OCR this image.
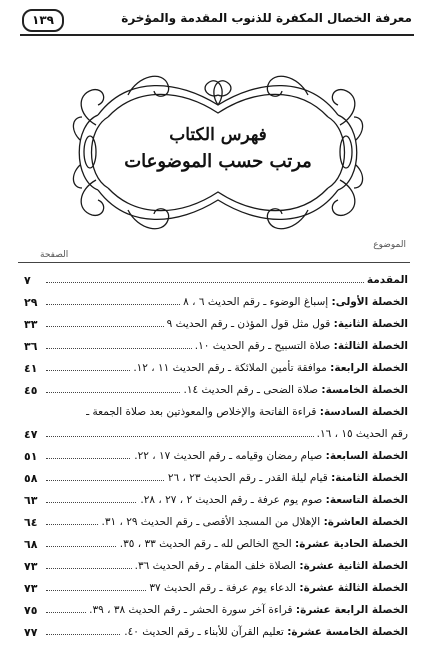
معرفة الخصال المكفرة للذنوب المقدمة والمؤخرة
١٣٩
فهرس الكتاب
مرتب حسب الموضوعات
الموضوع
الصفحة
المقدمة
٧
الخصلة الأولى: إسباغ الوضوء ـ رقم الحديث ٦ ، ٨
٢٩
الخصلة الثانية: قول مثل قول المؤذن ـ رقم الحديث ٩
٣٣
الخصلة الثالثة: صلاة التسبيح ـ رقم الحديث ١٠.
٣٦
الخصلة الرابعة: موافقة تأمين الملائكة ـ رقم الحديث ١١ ، ١٢.
٤١
الخصلة الخامسة: صلاة الضحى ـ رقم الحديث ١٤.
٤٥
الخصلة السادسة: قراءة الفاتحة والإخلاص والمعوذتين بعد صلاة الجمعة ـ
رقم الحديث ١٥ ، ١٦.
٤٧
الخصلة السابعة: صيام رمضان وقيامه ـ رقم الحديث ١٧ ، ٢٢.
٥١
الخصلة الثامنة: قيام ليلة القدر ـ رقم الحديث ٢٣ ، ٢٦
٥٨
الخصلة التاسعة: صوم يوم عرفة ـ رقم الحديث ٢ ، ٢٧ ، ٢٨.
٦٣
الخصلة العاشرة: الإهلال من المسجد الأقصى ـ رقم الحديث ٢٩ ، ٣١.
٦٤
الخصلة الحادية عشرة: الحج الخالص لله ـ رقم الحديث ٣٣ ، ٣٥.
٦٨
الخصلة الثانية عشرة: الصلاة خلف المقام ـ رقم الحديث ٣٦.
٧٣
الخصلة الثالثة عشرة: الدعاء يوم عرفة ـ رقم الحديث ٣٧
٧٣
الخصلة الرابعة عشرة: قراءة آخر سورة الحشر ـ رقم الحديث ٣٨ ، ٣٩.
٧٥
الخصلة الخامسة عشرة: تعليم القرآن للأبناء ـ رقم الحديث ٤٠.
٧٧
